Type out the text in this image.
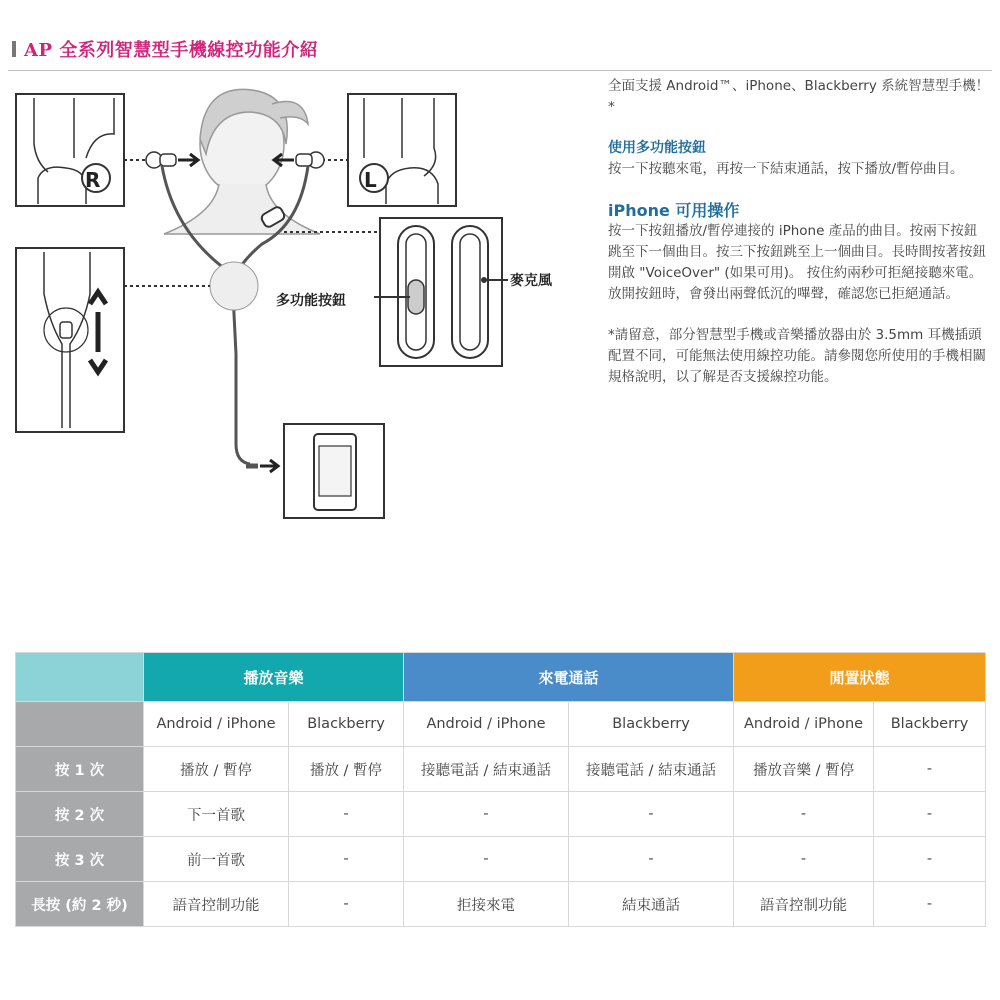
AP 全系列智慧型手機線控功能介紹
R	L
麥克風
多功能按鈕

全面支援 Android™、iPhone、Blackberry 系統智慧型手機！*

使用多功能按鈕

按一下按聽來電，再按一下結束通話，按下播放/暫停曲目。

iPhone 可用操作

按一下按鈕播放/暫停連接的 iPhone 產品的曲目。按兩下按鈕跳至下一個曲目。按三下按鈕跳至上一個曲目。長時間按著按鈕開啟 "VoiceOver" (如果可用)。 按住約兩秒可拒絕接聽來電。放開按鈕時，會發出兩聲低沉的嗶聲，確認您已拒絕通話。

*請留意，部分智慧型手機或音樂播放器由於 3.5mm 耳機插頭配置不同，可能無法使用線控功能。請參閱您所使用的手機相關規格說明，以了解是否支援線控功能。

	播放音樂		來電通話		閒置狀態	
	Android / iPhone	Blackberry	Android / iPhone	Blackberry	Android / iPhone	Blackberry
按 1 次	播放 / 暫停	播放 / 暫停	接聽電話 / 結束通話	接聽電話 / 結束通話	播放音樂 / 暫停	-
按 2 次	下一首歌	-	-	-	-	-
按 3 次	前一首歌	-	-	-	-	-
長按 (約 2 秒)	語音控制功能	-	拒接來電	結束通話	語音控制功能	-
